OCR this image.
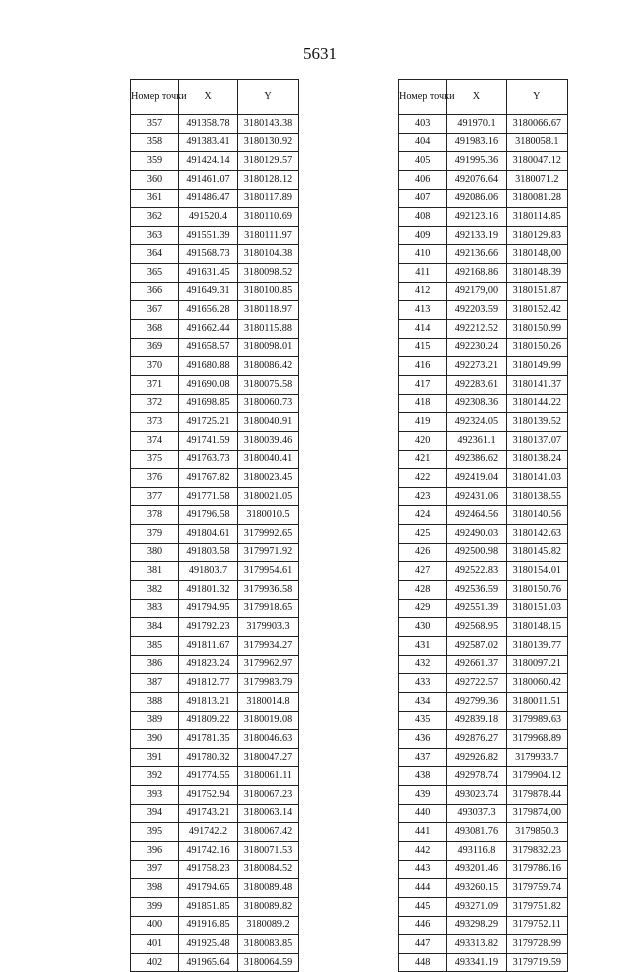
5631
Номер точки	X	Y
357	491358.78	3180143.38
358	491383.41	3180130.92
359	491424.14	3180129.57
360	491461.07	3180128.12
361	491486.47	3180117.89
362	491520.4	3180110.69
363	491551.39	3180111.97
364	491568.73	3180104.38
365	491631.45	3180098.52
366	491649.31	3180100.85
367	491656.28	3180118.97
368	491662.44	3180115.88
369	491658.57	3180098.01
370	491680.88	3180086.42
371	491690.08	3180075.58
372	491698.85	3180060.73
373	491725.21	3180040.91
374	491741.59	3180039.46
375	491763.73	3180040.41
376	491767.82	3180023.45
377	491771.58	3180021.05
378	491796.58	3180010.5
379	491804.61	3179992.65
380	491803.58	3179971.92
381	491803.7	3179954.61
382	491801.32	3179936.58
383	491794.95	3179918.65
384	491792.23	3179903.3
385	491811.67	3179934.27
386	491823.24	3179962.97
387	491812.77	3179983.79
388	491813.21	3180014.8
389	491809.22	3180019.08
390	491781.35	3180046.63
391	491780.32	3180047.27
392	491774.55	3180061.11
393	491752.94	3180067.23
394	491743.21	3180063.14
395	491742.2	3180067.42
396	491742.16	3180071.53
397	491758.23	3180084.52
398	491794.65	3180089.48
399	491851.85	3180089.82
400	491916.85	3180089.2
401	491925.48	3180083.85
402	491965.64	3180064.59
Номер точки	X	Y
403	491970.1	3180066.67
404	491983.16	3180058.1
405	491995.36	3180047.12
406	492076.64	3180071.2
407	492086.06	3180081.28
408	492123.16	3180114.85
409	492133.19	3180129.83
410	492136.66	3180148,00
411	492168.86	3180148.39
412	492179,00	3180151.87
413	492203.59	3180152.42
414	492212.52	3180150.99
415	492230.24	3180150.26
416	492273.21	3180149.99
417	492283.61	3180141.37
418	492308.36	3180144.22
419	492324.05	3180139.52
420	492361.1	3180137.07
421	492386.62	3180138.24
422	492419.04	3180141.03
423	492431.06	3180138.55
424	492464.56	3180140.56
425	492490.03	3180142.63
426	492500.98	3180145.82
427	492522.83	3180154.01
428	492536.59	3180150.76
429	492551.39	3180151.03
430	492568.95	3180148.15
431	492587.02	3180139.77
432	492661.37	3180097.21
433	492722.57	3180060.42
434	492799.36	3180011.51
435	492839.18	3179989.63
436	492876.27	3179968.89
437	492926.82	3179933.7
438	492978.74	3179904.12
439	493023.74	3179878.44
440	493037.3	3179874,00
441	493081.76	3179850.3
442	493116.8	3179832.23
443	493201.46	3179786.16
444	493260.15	3179759.74
445	493271.09	3179751.82
446	493298.29	3179752.11
447	493313.82	3179728.99
448	493341.19	3179719.59
